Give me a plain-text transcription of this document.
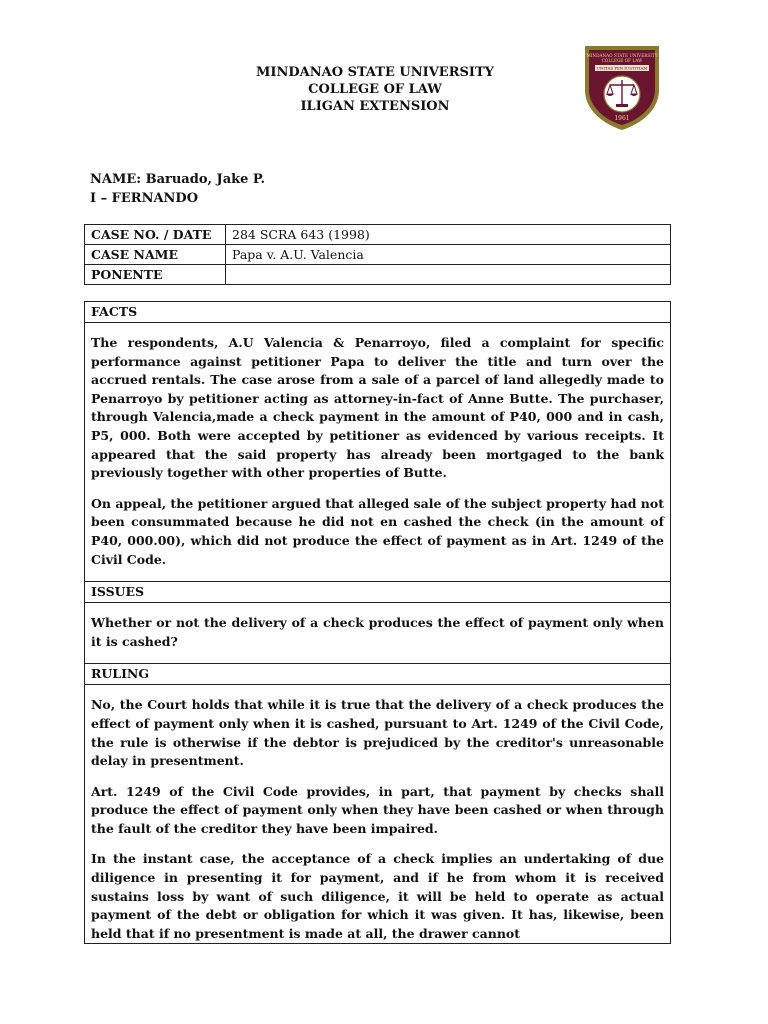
MINDANAO STATE UNIVERSITY
COLLEGE OF LAW
ILIGAN EXTENSION
MINDANAO STATE UNIVERSITY
COLLEGE OF LAW
UNITAS PER IUSTITIAM
1961
NAME: Baruado, Jake P.
I – FERNANDO
CASE NO. / DATE	284 SCRA 643 (1998)
CASE NAME	Papa v. A.U. Valencia
PONENTE	
FACTS

The respondents, A.U Valencia & Penarroyo, filed a complaint for specific performance against petitioner Papa to deliver the title and turn over the accrued rentals. The case arose from a sale of a parcel of land allegedly made to Penarroyo by petitioner acting as attorney-in-fact of Anne Butte. The purchaser, through Valencia,made a check payment in the amount of P40, 000 and in cash, P5, 000. Both were accepted by petitioner as evidenced by various receipts. It appeared that the said property has already been mortgaged to the bank previously together with other properties of Butte.

On appeal, the petitioner argued that alleged sale of the subject property had not been consummated because he did not en cashed the check (in the amount of P40, 000.00), which did not produce the effect of payment as in Art. 1249 of the Civil Code.

ISSUES

Whether or not the delivery of a check produces the effect of payment only when it is cashed?

RULING

No, the Court holds that while it is true that the delivery of a check produces the effect of payment only when it is cashed, pursuant to Art. 1249 of the Civil Code, the rule is otherwise if the debtor is prejudiced by the creditor's unreasonable delay in presentment.

Art. 1249 of the Civil Code provides, in part, that payment by checks shall produce the effect of payment only when they have been cashed or when through the fault of the creditor they have been impaired.

In the instant case, the acceptance of a check implies an undertaking of due diligence in presenting it for payment, and if he from whom it is received sustains loss by want of such diligence, it will be held to operate as actual payment of the debt or obligation for which it was given. It has, likewise, been held that if no presentment is made at all, the drawer cannot
